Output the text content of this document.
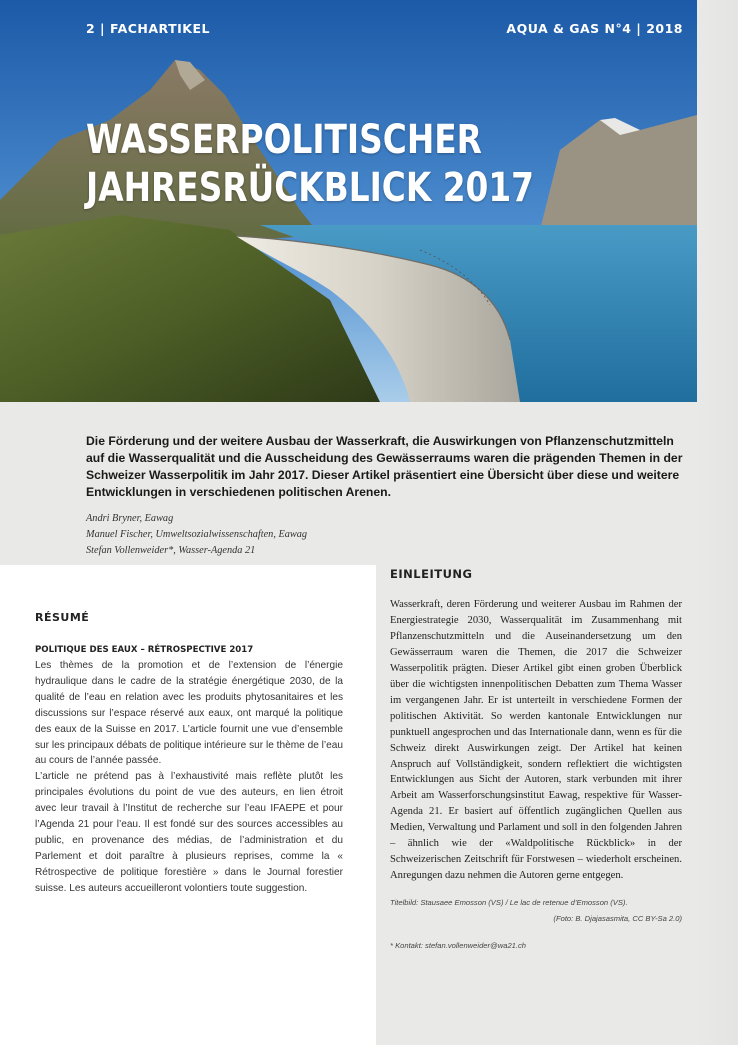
2 | FACHARTIKEL	AQUA & GAS N°4 | 2018
WASSERPOLITISCHER
JAHRESRÜCKBLICK 2017
Die Förderung und der weitere Ausbau der Wasserkraft, die Auswirkungen von Pflanzenschutzmitteln auf die Wasserqualität und die Ausscheidung des Gewässerraums waren die prägenden Themen in der Schweizer Wasserpolitik im Jahr 2017. Dieser Artikel präsentiert eine Übersicht über diese und weitere Entwicklungen in verschiedenen politischen Arenen.
Andri Bryner, Eawag
Manuel Fischer, Umweltsozialwissenschaften, Eawag
Stefan Vollenweider*, Wasser-Agenda 21
RÉSUMÉ
POLITIQUE DES EAUX – RÉTROSPECTIVE 2017

Les thèmes de la promotion et de l’extension de l’énergie hydraulique dans le cadre de la stratégie énergétique 2030, de la qualité de l’eau en relation avec les produits phytosanitaires et les discussions sur l’espace réservé aux eaux, ont marqué la politique des eaux de la Suisse en 2017. L’article fournit une vue d’ensemble sur les principaux débats de politique intérieure sur le thème de l’eau au cours de l’année passée.

L’article ne prétend pas à l’exhaustivité mais reflète plutôt les principales évolutions du point de vue des auteurs, en lien étroit avec leur travail à l’Institut de recherche sur l’eau IFAEPE et pour l’Agenda 21 pour l’eau. Il est fondé sur des sources accessibles au public, en provenance des médias, de l’administration et du Parlement et doit paraître à plusieurs reprises, comme la « Rétrospective de politique forestière » dans le Journal forestier suisse. Les auteurs accueilleront volontiers toute suggestion.

EINLEITUNG
Wasserkraft, deren Förderung und weiterer Ausbau im Rahmen der Energiestrategie 2030, Wasserqualität im Zusammenhang mit Pflanzenschutzmitteln und die Auseinandersetzung um den Gewässerraum waren die Themen, die 2017 die Schweizer Wasserpolitik prägten. Dieser Artikel gibt einen groben Überblick über die wichtigsten innenpolitischen Debatten zum Thema Wasser im vergangenen Jahr. Er ist unterteilt in verschiedene Formen der politischen Aktivität. So werden kantonale Entwicklungen nur punktuell angesprochen und das Internationale dann, wenn es für die Schweiz direkt Auswirkungen zeigt. Der Artikel hat keinen Anspruch auf Vollständigkeit, sondern reflektiert die wichtigsten Entwicklungen aus Sicht der Autoren, stark verbunden mit ihrer Arbeit am Wasserforschungsinstitut Eawag, respektive für Wasser-Agenda 21. Er basiert auf öffentlich zugänglichen Quellen aus Medien, Verwaltung und Parlament und soll in den folgenden Jahren – ähnlich wie der «Waldpolitische Rückblick» in der Schweizerischen Zeitschrift für Forstwesen – wiederholt erscheinen. Anregungen dazu nehmen die Autoren gerne entgegen.
Titelbild: Stausaee Emosson (VS) / Le lac de retenue d’Emosson (VS).
(Foto: B. Djajasasmita, CC BY-Sa 2.0)
* Kontakt: stefan.vollenweider@wa21.ch
